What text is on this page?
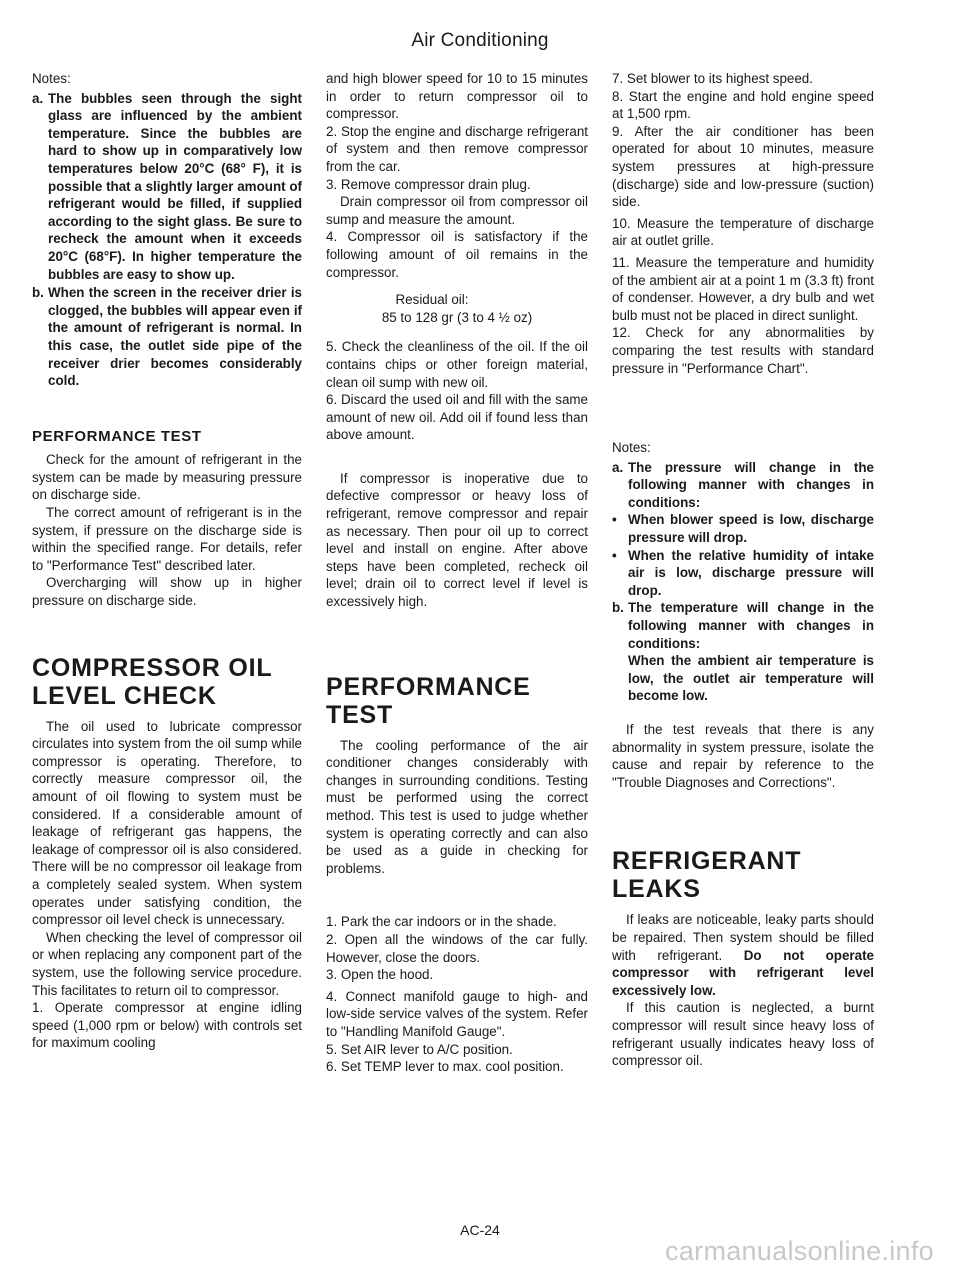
Air Conditioning

Notes:

a. The bubbles seen through the sight glass are influenced by the ambient temperature. Since the bubbles are hard to show up in comparatively low temperatures below 20°C (68° F), it is possible that a slightly larger amount of refrigerant would be filled, if supplied according to the sight glass. Be sure to recheck the amount when it exceeds 20°C (68°F). In higher temperature the bubbles are easy to show up.
b. When the screen in the receiver drier is clogged, the bubbles will appear even if the amount of refrigerant is normal. In this case, the outlet side pipe of the receiver drier becomes considerably cold.

PERFORMANCE TEST

Check for the amount of refrigerant in the system can be made by measuring pressure on discharge side.

The correct amount of refrigerant is in the system, if pressure on the discharge side is within the specified range. For details, refer to "Performance Test" described later.

Overcharging will show up in higher pressure on discharge side.

COMPRESSOR OIL
LEVEL CHECK

The oil used to lubricate compressor circulates into system from the oil sump while compressor is operating. Therefore, to correctly measure compressor oil, the amount of oil flowing to system must be considered. If a considerable amount of leakage of refrigerant gas happens, the leakage of compressor oil is also considered. There will be no compressor oil leakage from a completely sealed system. When system operates under satisfying condition, the compressor oil level check is unnecessary.

When checking the level of compressor oil or when replacing any component part of the system, use the following service procedure. This facilitates to return oil to compressor.

1. Operate compressor at engine idling speed (1,000 rpm or below) with controls set for maximum cooling

and high blower speed for 10 to 15 minutes in order to return compressor oil to compressor.

2. Stop the engine and discharge refrigerant of system and then remove compressor from the car.

3. Remove compressor drain plug.

Drain compressor oil from compressor oil sump and measure the amount.

4. Compressor oil is satisfactory if the following amount of oil remains in the compressor.

Residual oil:

85 to 128 gr (3 to 4 ½ oz)

5. Check the cleanliness of the oil. If the oil contains chips or other foreign material, clean oil sump with new oil.

6. Discard the used oil and fill with the same amount of new oil. Add oil if found less than above amount.

If compressor is inoperative due to defective compressor or heavy loss of refrigerant, remove compressor and repair as necessary. Then pour oil up to correct level and install on engine. After above steps have been completed, recheck oil level; drain oil to correct level if level is excessively high.

PERFORMANCE TEST

The cooling performance of the air conditioner changes considerably with changes in surrounding conditions. Testing must be performed using the correct method. This test is used to judge whether system is operating correctly and can also be used as a guide in checking for problems.

1. Park the car indoors or in the shade.

2. Open all the windows of the car fully. However, close the doors.

3. Open the hood.

4. Connect manifold gauge to high- and low-side service valves of the system. Refer to "Handling Manifold Gauge".

5. Set AIR lever to A/C position.

6. Set TEMP lever to max. cool position.

7. Set blower to its highest speed.

8. Start the engine and hold engine speed at 1,500 rpm.

9. After the air conditioner has been operated for about 10 minutes, measure system pressures at high-pressure (discharge) side and low-pressure (suction) side.

10. Measure the temperature of discharge air at outlet grille.

11. Measure the temperature and humidity of the ambient air at a point 1 m (3.3 ft) front of condenser. However, a dry bulb and wet bulb must not be placed in direct sunlight.

12. Check for any abnormalities by comparing the test results with standard pressure in "Performance Chart".

Notes:

a. The pressure will change in the following manner with changes in conditions:
• When blower speed is low, discharge pressure will drop.
• When the relative humidity of intake air is low, discharge pressure will drop.
b. The temperature will change in the following manner with changes in conditions:
When the ambient air temperature is low, the outlet air temperature will become low.

If the test reveals that there is any abnormality in system pressure, isolate the cause and repair by reference to the "Trouble Diagnoses and Corrections".

REFRIGERANT
LEAKS

If leaks are noticeable, leaky parts should be repaired. Then system should be filled with refrigerant. Do not operate compressor with refrigerant level excessively low.

If this caution is neglected, a burnt compressor will result since heavy loss of refrigerant usually indicates heavy loss of compressor oil.

AC-24
carmanualsonline.info
